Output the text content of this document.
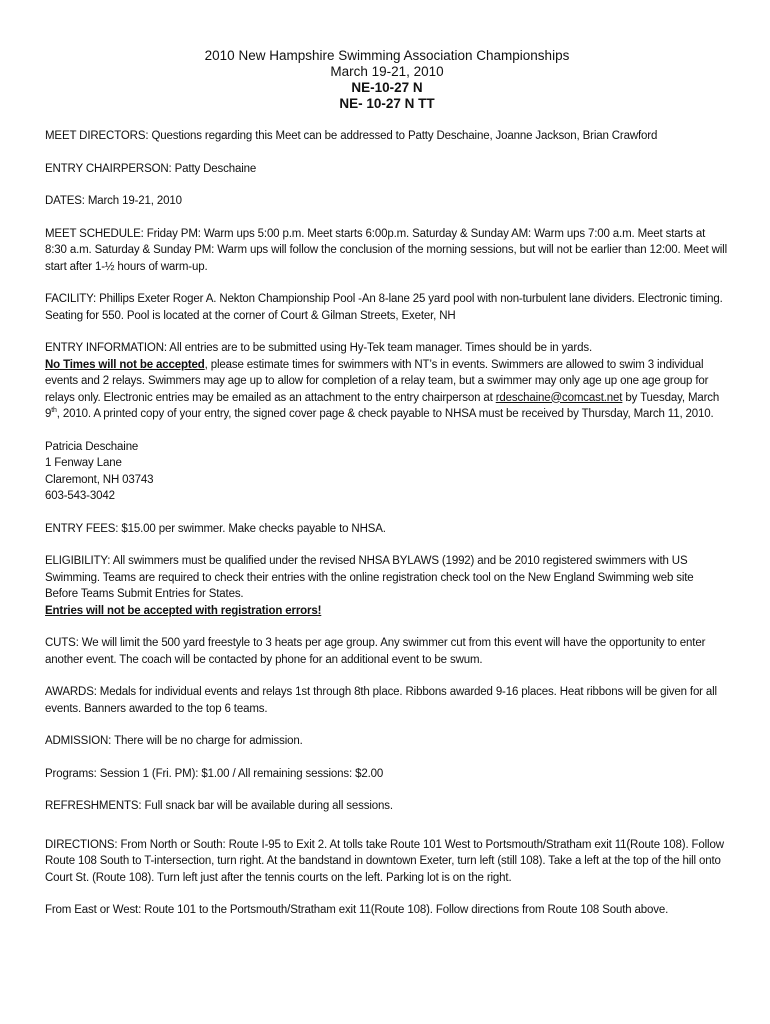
2010 New Hampshire Swimming Association Championships
March 19-21, 2010
NE-10-27 N
NE- 10-27 N TT

MEET DIRECTORS: Questions regarding this Meet can be addressed to Patty Deschaine, Joanne Jackson, Brian Crawford

ENTRY CHAIRPERSON: Patty Deschaine

DATES: March 19-21, 2010

MEET SCHEDULE: Friday PM: Warm ups 5:00 p.m. Meet starts 6:00p.m. Saturday & Sunday AM: Warm ups 7:00 a.m. Meet starts at 8:30 a.m. Saturday & Sunday PM: Warm ups will follow the conclusion of the morning sessions, but will not be earlier than 12:00. Meet will start after 1-½ hours of warm-up.

FACILITY: Phillips Exeter Roger A. Nekton Championship Pool -An 8-lane 25 yard pool with non-turbulent lane dividers. Electronic timing. Seating for 550. Pool is located at the corner of Court & Gilman Streets, Exeter, NH

ENTRY INFORMATION: All entries are to be submitted using Hy-Tek team manager. Times should be in yards.
No Times will not be accepted, please estimate times for swimmers with NT’s in events. Swimmers are allowed to swim 3 individual events and 2 relays. Swimmers may age up to allow for completion of a relay team, but a swimmer may only age up one age group for relays only. Electronic entries may be emailed as an attachment to the entry chairperson at rdeschaine@comcast.net by Tuesday, March 9th, 2010. A printed copy of your entry, the signed cover page & check payable to NHSA must be received by Thursday, March 11, 2010.
Patricia Deschaine
1 Fenway Lane
Claremont, NH 03743
603-543-3042

ENTRY FEES: $15.00 per swimmer. Make checks payable to NHSA.

ELIGIBILITY: All swimmers must be qualified under the revised NHSA BYLAWS (1992) and be 2010 registered swimmers with US Swimming. Teams are required to check their entries with the online registration check tool on the New England Swimming web site Before Teams Submit Entries for States.
Entries will not be accepted with registration errors!

CUTS: We will limit the 500 yard freestyle to 3 heats per age group. Any swimmer cut from this event will have the opportunity to enter another event. The coach will be contacted by phone for an additional event to be swum.

AWARDS: Medals for individual events and relays 1st through 8th place. Ribbons awarded 9-16 places. Heat ribbons will be given for all events. Banners awarded to the top 6 teams.

ADMISSION: There will be no charge for admission.

Programs: Session 1 (Fri. PM): $1.00 / All remaining sessions: $2.00

REFRESHMENTS: Full snack bar will be available during all sessions.

DIRECTIONS: From North or South: Route I-95 to Exit 2. At tolls take Route 101 West to Portsmouth/Stratham exit 11(Route 108). Follow Route 108 South to T-intersection, turn right. At the bandstand in downtown Exeter, turn left (still 108). Take a left at the top of the hill onto Court St. (Route 108). Turn left just after the tennis courts on the left. Parking lot is on the right.

From East or West: Route 101 to the Portsmouth/Stratham exit 11(Route 108). Follow directions from Route 108 South above.
